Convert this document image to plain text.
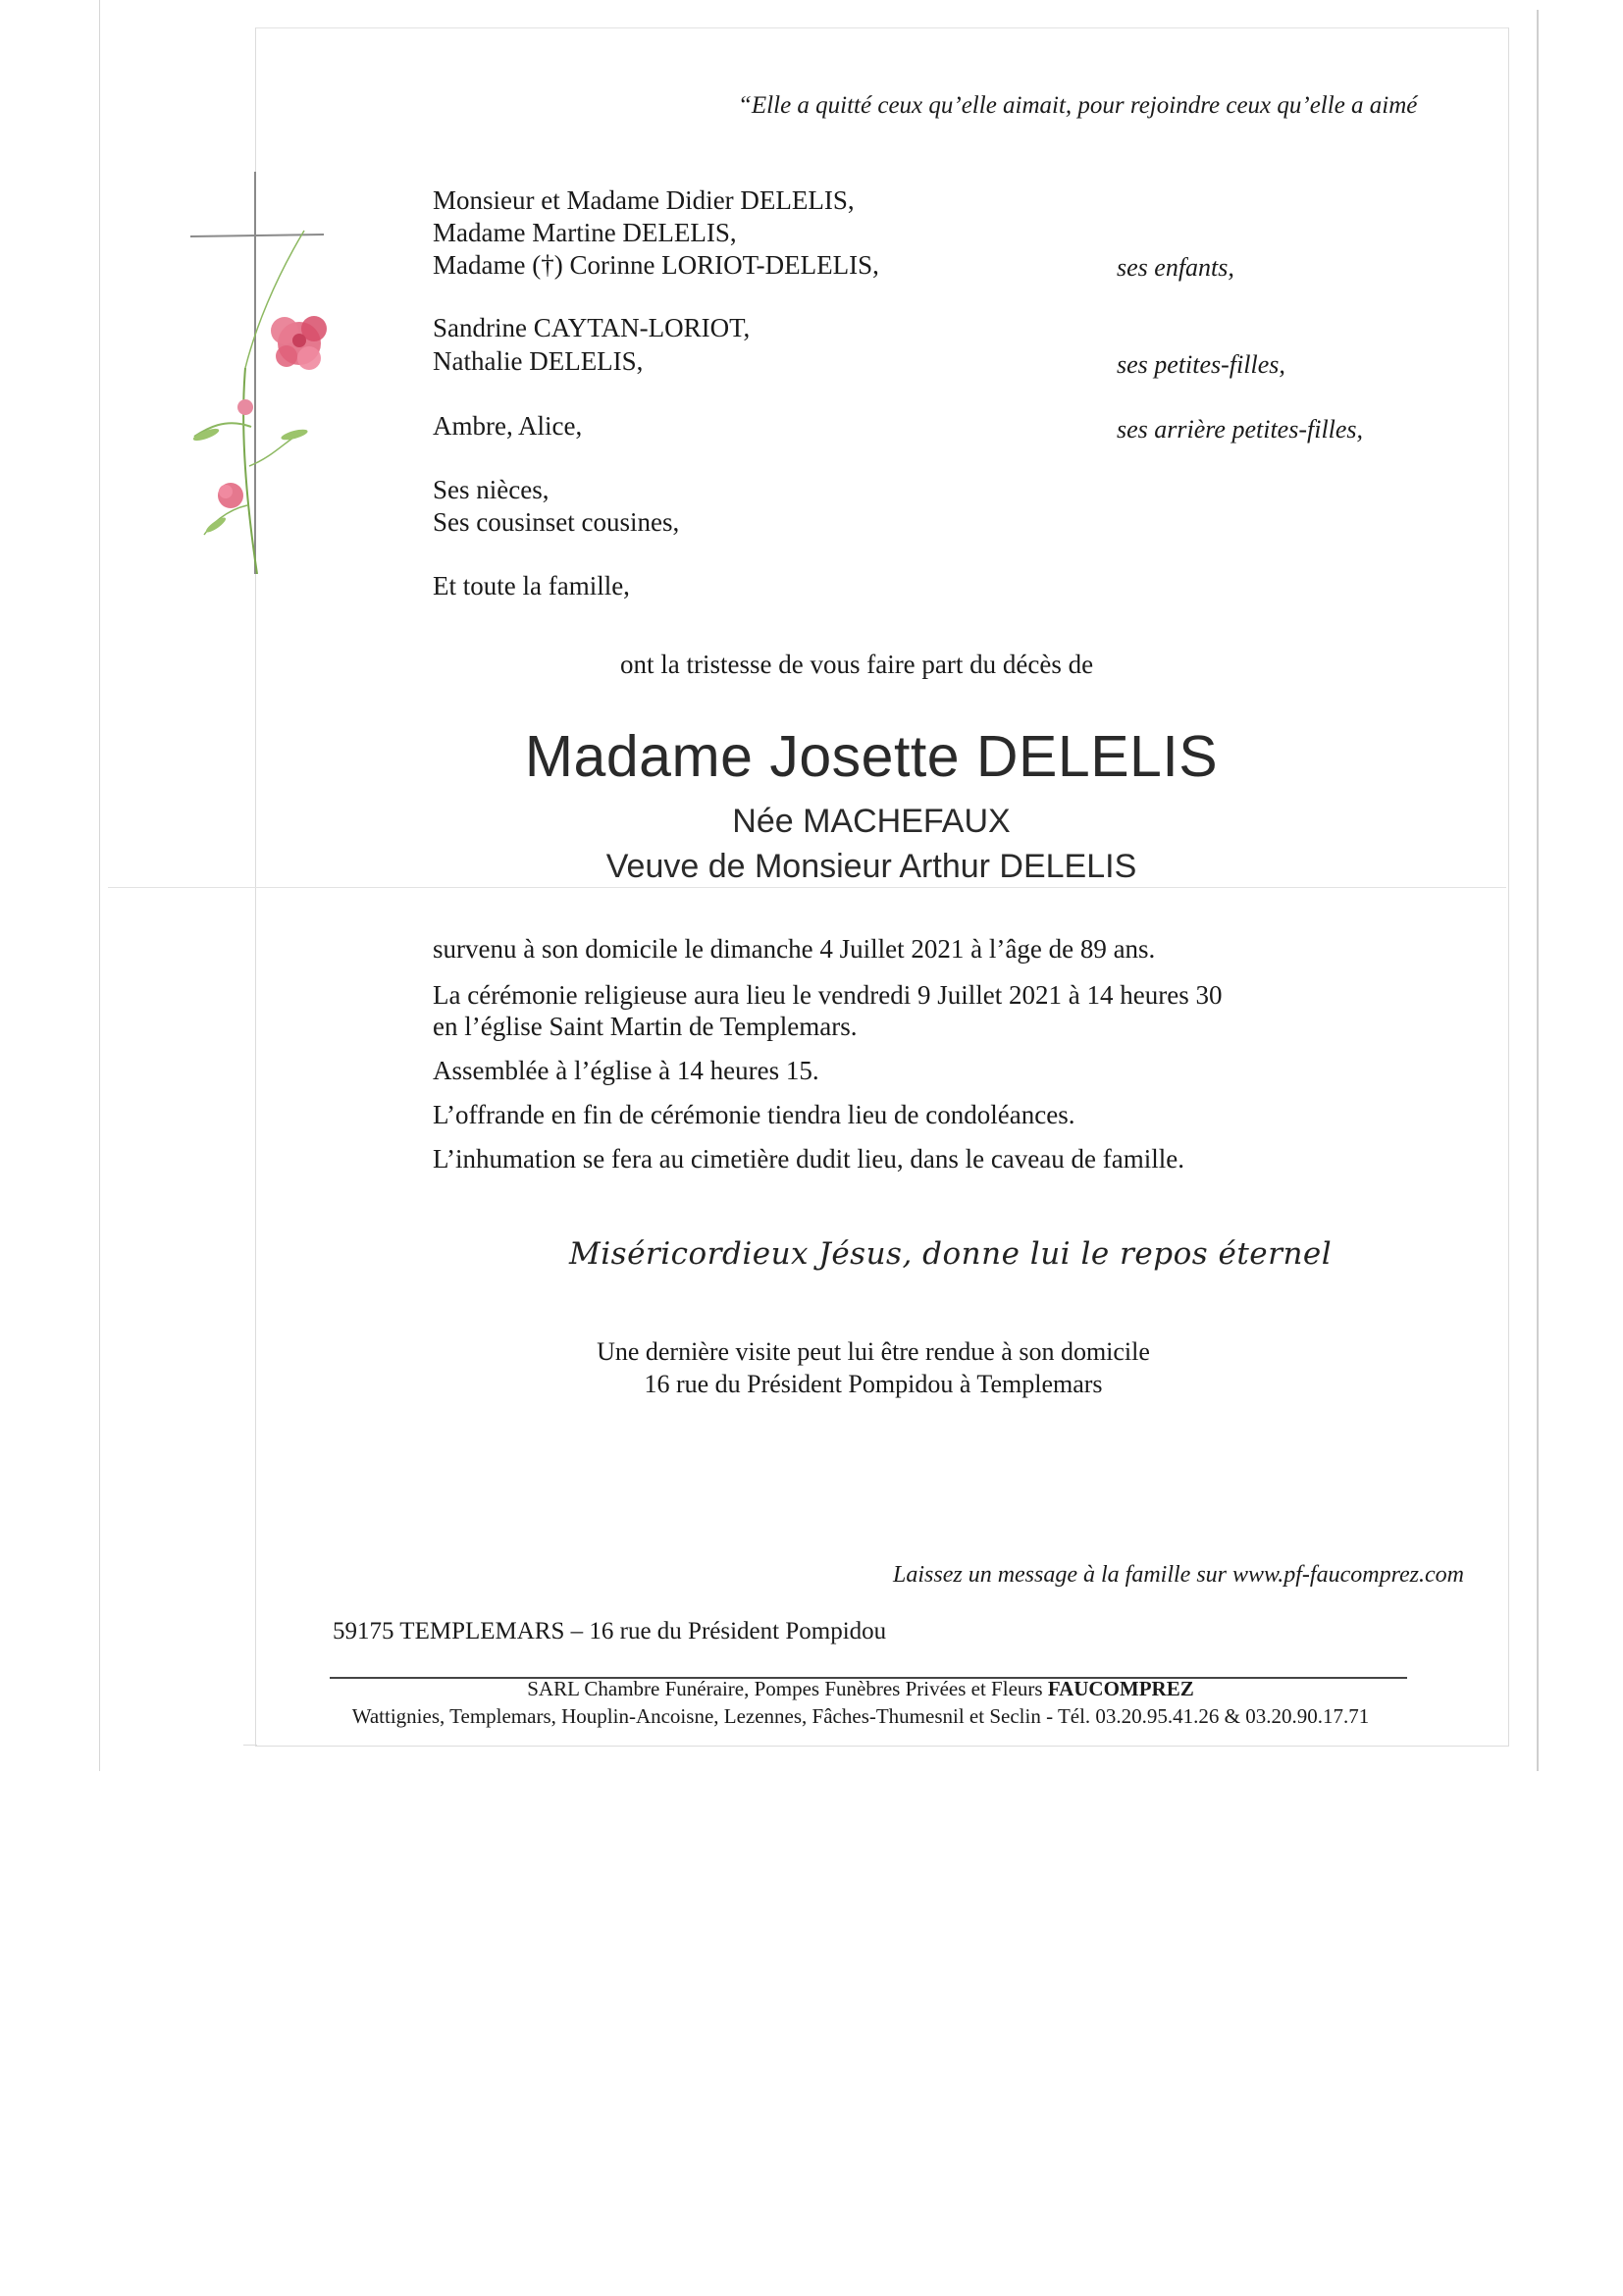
“Elle a quitté ceux qu’elle aimait, pour rejoindre ceux qu’elle a aimé
Monsieur et Madame Didier DELELIS,
Madame Martine DELELIS,
Madame (†) Corinne LORIOT-DELELIS,	ses enfants,
Sandrine CAYTAN-LORIOT,
Nathalie DELELIS,	ses petites-filles,
Ambre, Alice,	ses arrière petites-filles,
Ses nièces,
Ses cousinset cousines,
Et toute la famille,
ont la tristesse de vous faire part du décès de
Madame Josette DELELIS
Née MACHEFAUX
Veuve de Monsieur Arthur DELELIS
survenu à son domicile le dimanche 4 Juillet 2021 à l’âge de 89 ans.
La cérémonie religieuse aura lieu le vendredi 9 Juillet 2021 à 14 heures 30
en l’église Saint Martin de Templemars.
Assemblée à l’église à 14 heures 15.
L’offrande en fin de cérémonie tiendra lieu de condoléances.
L’inhumation se fera au cimetière dudit lieu, dans le caveau de famille.
Miséricordieux Jésus, donne lui le repos éternel
Une dernière visite peut lui être rendue à son domicile
16 rue du Président Pompidou à Templemars
Laissez un message à la famille sur www.pf-faucomprez.com
59175 TEMPLEMARS – 16 rue du Président Pompidou
SARL Chambre Funéraire, Pompes Funèbres Privées et Fleurs FAUCOMPREZ
Wattignies, Templemars, Houplin-Ancoisne, Lezennes, Fâches-Thumesnil et Seclin - Tél. 03.20.95.41.26 & 03.20.90.17.71
